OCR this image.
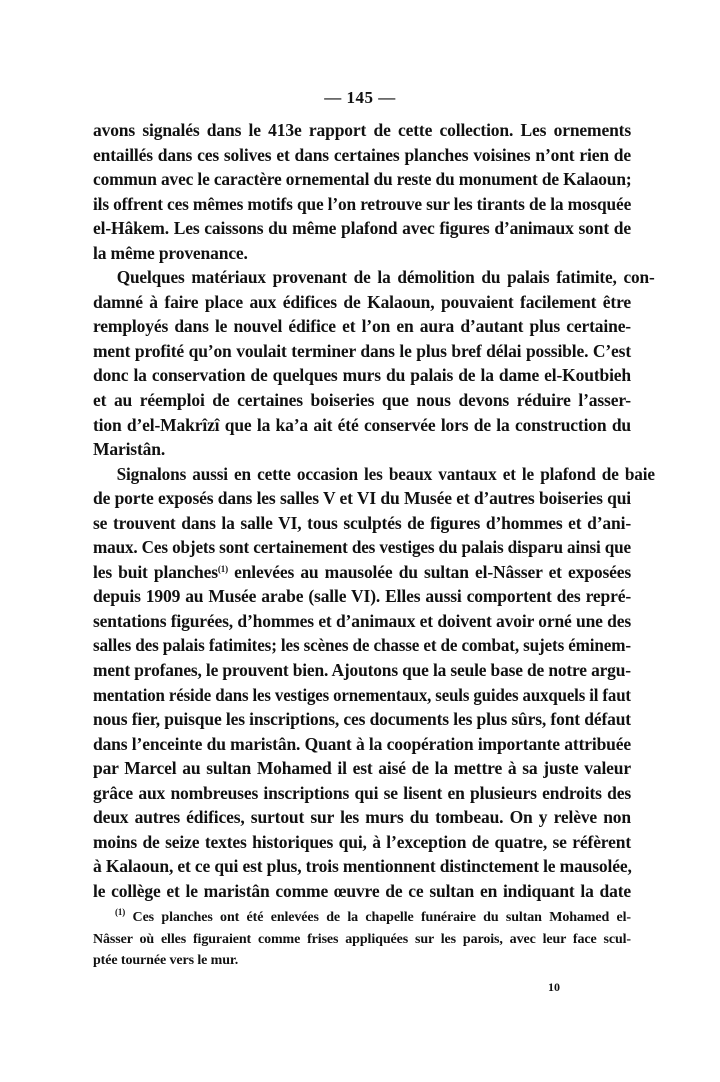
— 145 —
avons signalés dans le 413e rapport de cette collection. Les ornements
entaillés dans ces solives et dans certaines planches voisines n’ont rien de
commun avec le caractère ornemental du reste du monument de Kalaoun;
ils offrent ces mêmes motifs que l’on retrouve sur les tirants de la mosquée
el-Hâkem. Les caissons du même plafond avec figures d’animaux sont de
la même provenance.
Quelques matériaux provenant de la démolition du palais fatimite, con-
damné à faire place aux édifices de Kalaoun, pouvaient facilement être
remployés dans le nouvel édifice et l’on en aura d’autant plus certaine-
ment profité qu’on voulait terminer dans le plus bref délai possible. C’est
donc la conservation de quelques murs du palais de la dame el-Koutbieh
et au réemploi de certaines boiseries que nous devons réduire l’asser-
tion d’el-Makrîzî que la ka’a ait été conservée lors de la construction du
Maristân.
Signalons aussi en cette occasion les beaux vantaux et le plafond de baie
de porte exposés dans les salles V et VI du Musée et d’autres boiseries qui
se trouvent dans la salle VI, tous sculptés de figures d’hommes et d’ani-
maux. Ces objets sont certainement des vestiges du palais disparu ainsi que
les buit planches$^{(1)}$ enlevées au mausolée du sultan el-Nâsser et exposées
depuis 1909 au Musée arabe (salle VI). Elles aussi comportent des repré-
sentations figurées, d’hommes et d’animaux et doivent avoir orné une des
salles des palais fatimites; les scènes de chasse et de combat, sujets éminem-
ment profanes, le prouvent bien. Ajoutons que la seule base de notre argu-
mentation réside dans les vestiges ornementaux, seuls guides auxquels il faut
nous fier, puisque les inscriptions, ces documents les plus sûrs, font défaut
dans l’enceinte du maristân. Quant à la coopération importante attribuée
par Marcel au sultan Mohamed il est aisé de la mettre à sa juste valeur
grâce aux nombreuses inscriptions qui se lisent en plusieurs endroits des
deux autres édifices, surtout sur les murs du tombeau. On y relève non
moins de seize textes historiques qui, à l’exception de quatre, se réfèrent
à Kalaoun, et ce qui est plus, trois mentionnent distinctement le mausolée,
le collège et le maristân comme œuvre de ce sultan en indiquant la date
$^{(1)}$ Ces planches ont été enlevées de la chapelle funéraire du sultan Mohamed el-
Nâsser où elles figuraient comme frises appliquées sur les parois, avec leur face scul-
ptée tournée vers le mur.
10
